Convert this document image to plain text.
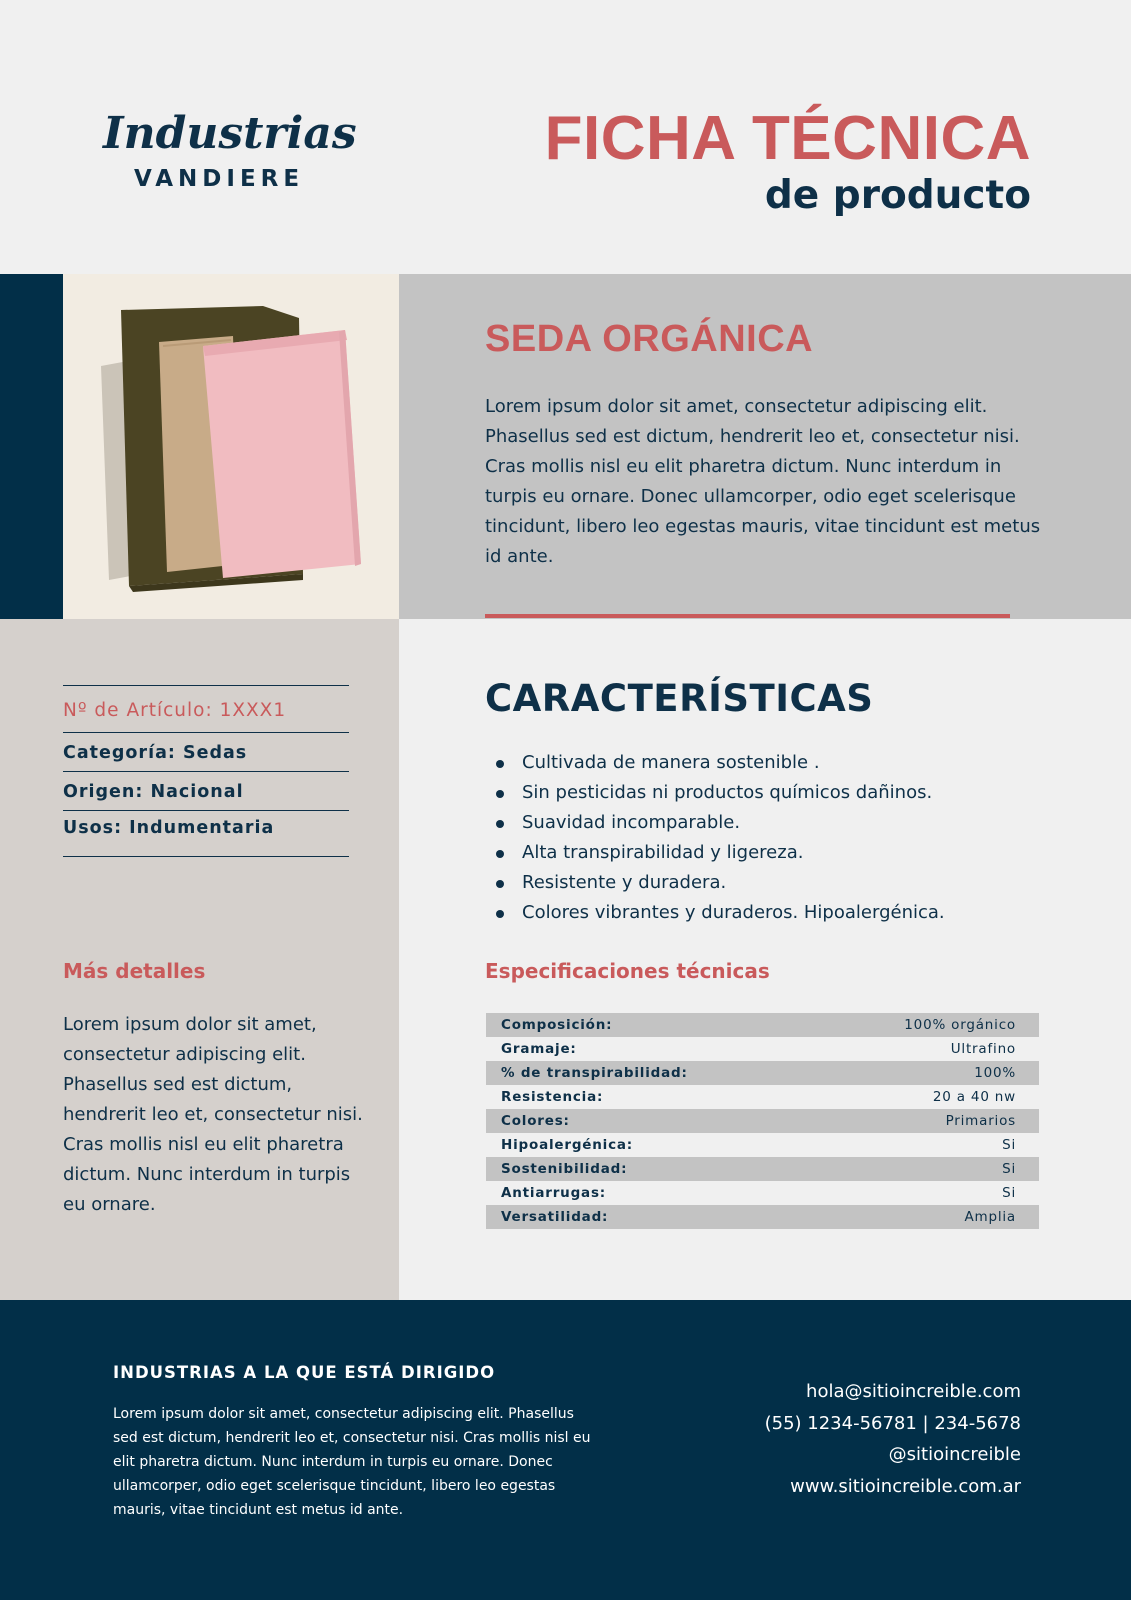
Industrias
VANDIERE
FICHA TÉCNICA
de producto
SEDA ORGÁNICA
Lorem ipsum dolor sit amet, consectetur adipiscing elit. Phasellus sed est dictum, hendrerit leo et, consectetur nisi. Cras mollis nisl eu elit pharetra dictum. Nunc interdum in turpis eu ornare. Donec ullamcorper, odio eget scelerisque tincidunt, libero leo egestas mauris, vitae tincidunt est metus id ante.
Nº de Artículo: 1XXX1
Categoría: Sedas
Origen: Nacional
Usos: Indumentaria
Más detalles
Lorem ipsum dolor sit amet, consectetur adipiscing elit. Phasellus sed est dictum, hendrerit leo et, consectetur nisi. Cras mollis nisl eu elit pharetra dictum. Nunc interdum in turpis eu ornare.
CARACTERÍSTICAS
Cultivada de manera sostenible .
Sin pesticidas ni productos químicos dañinos.
Suavidad incomparable.
Alta transpirabilidad y ligereza.
Resistente y duradera.
Colores vibrantes y duraderos. Hipoalergénica.
Especificaciones técnicas
Composición:	100% orgánico
Gramaje:	Ultrafino
% de transpirabilidad:	100%
Resistencia:	20 a 40 nw
Colores:	Primarios
Hipoalergénica:	Si
Sostenibilidad:	Si
Antiarrugas:	Si
Versatilidad:	Amplia
INDUSTRIAS A LA QUE ESTÁ DIRIGIDO
Lorem ipsum dolor sit amet, consectetur adipiscing elit. Phasellus sed est dictum, hendrerit leo et, consectetur nisi. Cras mollis nisl eu elit pharetra dictum. Nunc interdum in turpis eu ornare. Donec ullamcorper, odio eget scelerisque tincidunt, libero leo egestas mauris, vitae tincidunt est metus id ante.
hola@sitioincreible.com
(55) 1234-56781 | 234-5678
@sitioincreible
www.sitioincreible.com.ar
